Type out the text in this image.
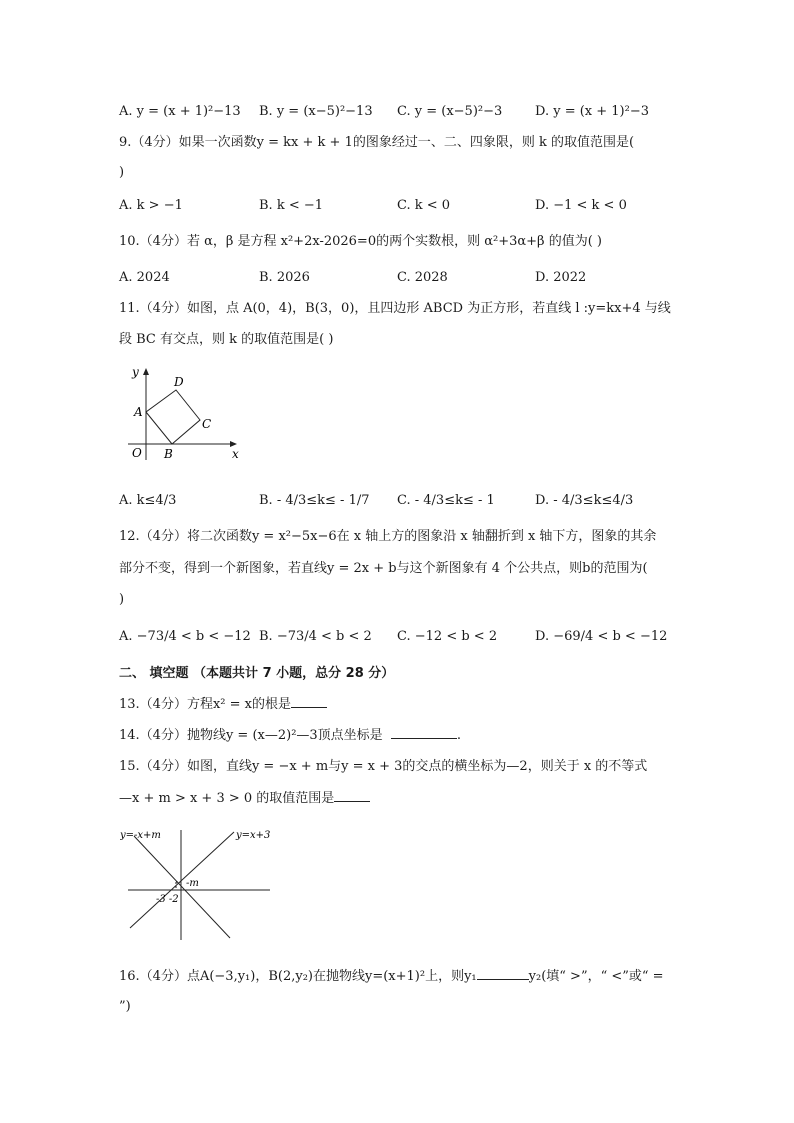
A. y = (x + 1)²−13 B. y = (x−5)²−13 C. y = (x−5)²−3	D. y = (x + 1)²−3
9.（4分）如果一次函数y = kx + k + 1的图象经过一、二、四象限，则 k 的取值范围是(
)
A. k > −1	B. k < −1	C. k < 0	D. −1 < k < 0
10.（4分）若 α，β 是方程 x²+2x-2026=0的两个实数根，则 α²+3α+β 的值为( )
A. 2024	B. 2026	C. 2028	D. 2022
11.（4分）如图，点 A(0，4)，B(3，0)，且四边形 ABCD 为正方形，若直线 l :y=kx+4 与线
段 BC 有交点，则 k 的取值范围是( )
y
x
O
A
B
C
D
A. k≤4/3	B. - 4/3≤k≤ - 1/7 C. - 4/3≤k≤ - 1	D. - 4/3≤k≤4/3
12.（4分）将二次函数y = x²−5x−6在 x 轴上方的图象沿 x 轴翻折到 x 轴下方，图象的其余
部分不变，得到一个新图象，若直线y = 2x + b与这个新图象有 4 个公共点，则b的范围为(
)
A. −73/4 < b < −12 B. −73/4 < b < 2 C. −12 < b < 2	D. −69/4 < b < −12
二、 填空题 （本题共计 7 小题，总分 28 分）
13.（4分）方程x² = x的根是
14.（4分）抛物线y = (x—2)²—3顶点坐标是	.
15.（4分）如图，直线y = −x + m与y = x + 3的交点的横坐标为—2，则关于 x 的不等式
—x + m > x + 3 > 0 的取值范围是
y=-x+m	y=x+3
-m
-3 -2
16.（4分）点A(−3,y₁)，B(2,y₂)在抛物线y=(x+1)²上，则y₁	y₂(填“ >”，“ <”或“ =
”)
